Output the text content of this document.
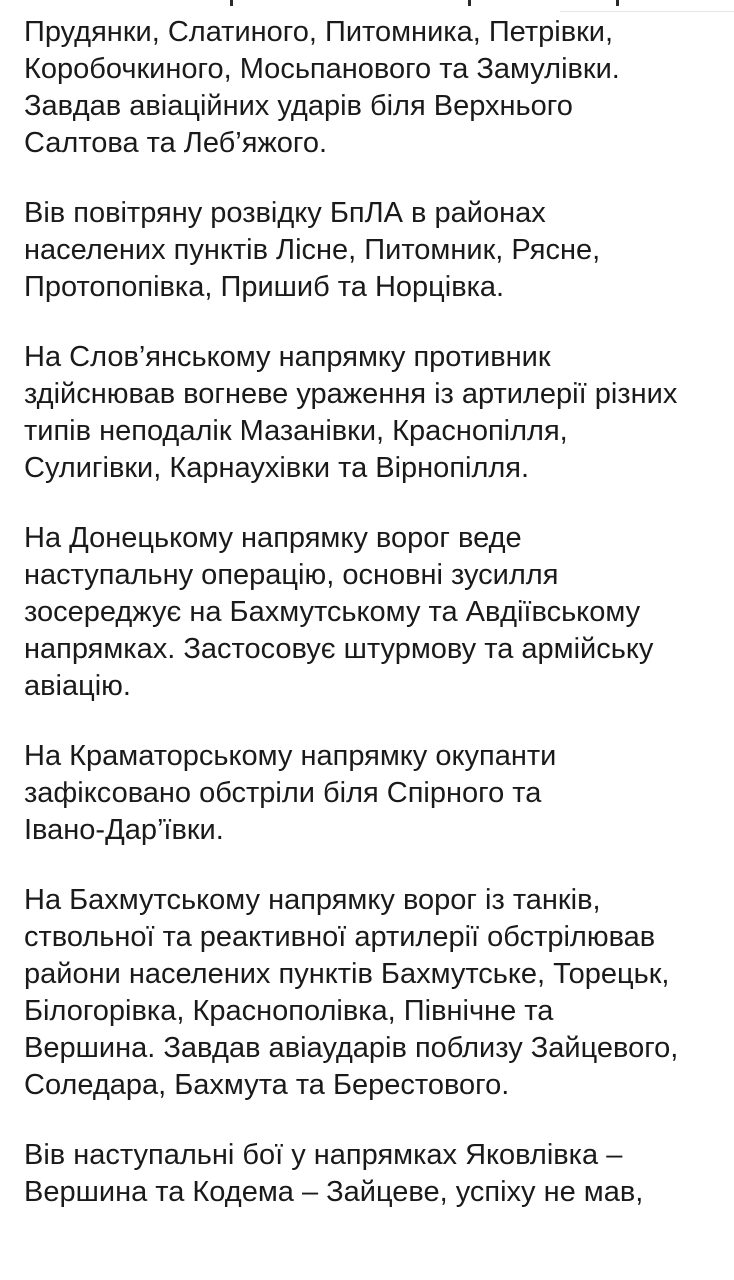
Прудянки, Слатиного, Питомника, Петрівки,
Коробочкиного, Мосьпанового та Замулівки.
Завдав авіаційних ударів біля Верхнього
Салтова та Леб’яжого.
Вів повітряну розвідку БпЛА в районах
населених пунктів Лісне, Питомник, Рясне,
Протопопівка, Пришиб та Норцівка.
На Слов’янському напрямку противник
здійснював вогневе ураження із артилерії різних
типів неподалік Мазанівки, Краснопілля,
Сулигівки, Карнаухівки та Вірнопілля.
На Донецькому напрямку ворог веде
наступальну операцію, основні зусилля
зосереджує на Бахмутському та Авдіївському
напрямках. Застосовує штурмову та армійську
авіацію.
На Краматорському напрямку окупанти
зафіксовано обстріли біля Спірного та
Івано-Дар’ївки.
На Бахмутському напрямку ворог із танків,
ствольної та реактивної артилерії обстрілював
райони населених пунктів Бахмутське, Торецьк,
Білогорівка, Краснополівка, Північне та
Вершина. Завдав авіаударів поблизу Зайцевого,
Соледара, Бахмута та Берестового.
Вів наступальні бої у напрямках Яковлівка –
Вершина та Кодема – Зайцеве, успіху не мав,
